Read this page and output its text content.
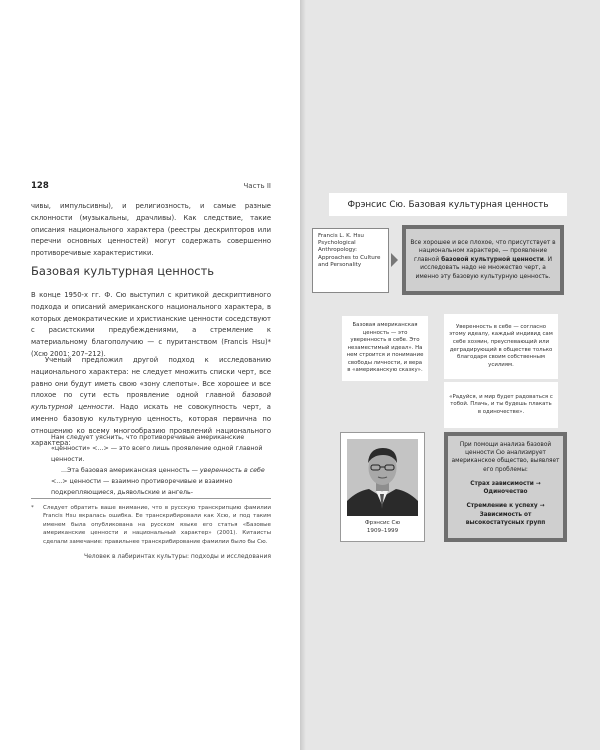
128	Часть II

чивы, импульсивны), и религиозность, и самые разные склонности (музыкальны, драчливы). Как следствие, такие описания национального характера (реестры дескрипторов или перечни основных ценностей) могут содержать совершенно противоречивые характеристики.

Базовая культурная ценность

В конце 1950-х гг. Ф. Сю выступил с критикой дескриптивного подхода и описаний американского национального характера, в которых демократические и христианские ценности соседствуют с расистскими предубеждениями, а стремление к материальному благополучию — с пуританством (Francis Hsu)* (Хсю 2001: 207–212).

Ученый предложил другой подход к исследованию национального характера: не следует множить списки черт, все равно они будут иметь свою «зону слепоты». Все хорошее и все плохое по сути есть проявление одной главной базовой культурной ценности. Надо искать не совокупность черт, а именно базовую культурную ценность, которая первична по отношению ко всему многообразию проявлений национального характера:

Нам следует уяснить, что противоречивые американские «ценности» <...> — это всего лишь проявление одной главной ценности.
...Эта базовая американская ценность — уверенность в себе <...> ценности — взаимно противоречивые и взаимно подкрепляющиеся, дьявольские и ангель-
* Следует обратить ваше внимание, что в русскую транскрипцию фамилии Francis Hsu вкралась ошибка. Ее транскрибировали как Хсю, и под таким именем была опубликована на русском языке его статья «Базовые американские ценности и национальный характер» (2001). Китаисты сделали замечание: правильнее транскрибирование фамилии было бы Сю.
Человек в лабиринтах культуры: подходы и исследования
Фрэнсис Сю. Базовая культурная ценность
Francis L. K. Hsu Psychological Anthropology: Approaches to Culture and Personality

Все хорошее и все плохое, что присутствует в национальном характере, — проявление главной базовой культурной ценности. И исследовать надо не множество черт, а именно эту базовую культурную ценность.

Базовая американская ценность — это уверенность в себе. Это незаместимый идеал». На нем строится и понимание свободы личности, и вера в «американскую сказку».
Уверенность в себе — согласно этому идеалу, каждый индивид сам себе хозяин, преуспевающий или деградирующий в обществе только благодаря своим собственным усилиям.
«Радуйся, и мир будет радоваться с тобой. Плачь, и ты будешь плакать в одиночестве».
Фрэнсис Сю
1909–1999
При помощи анализа базовой ценности Сю анализирует американское общество, выявляет его проблемы:
Страх зависимости → Одиночество
Стремление к успеху → Зависимость от высокостатусных групп
